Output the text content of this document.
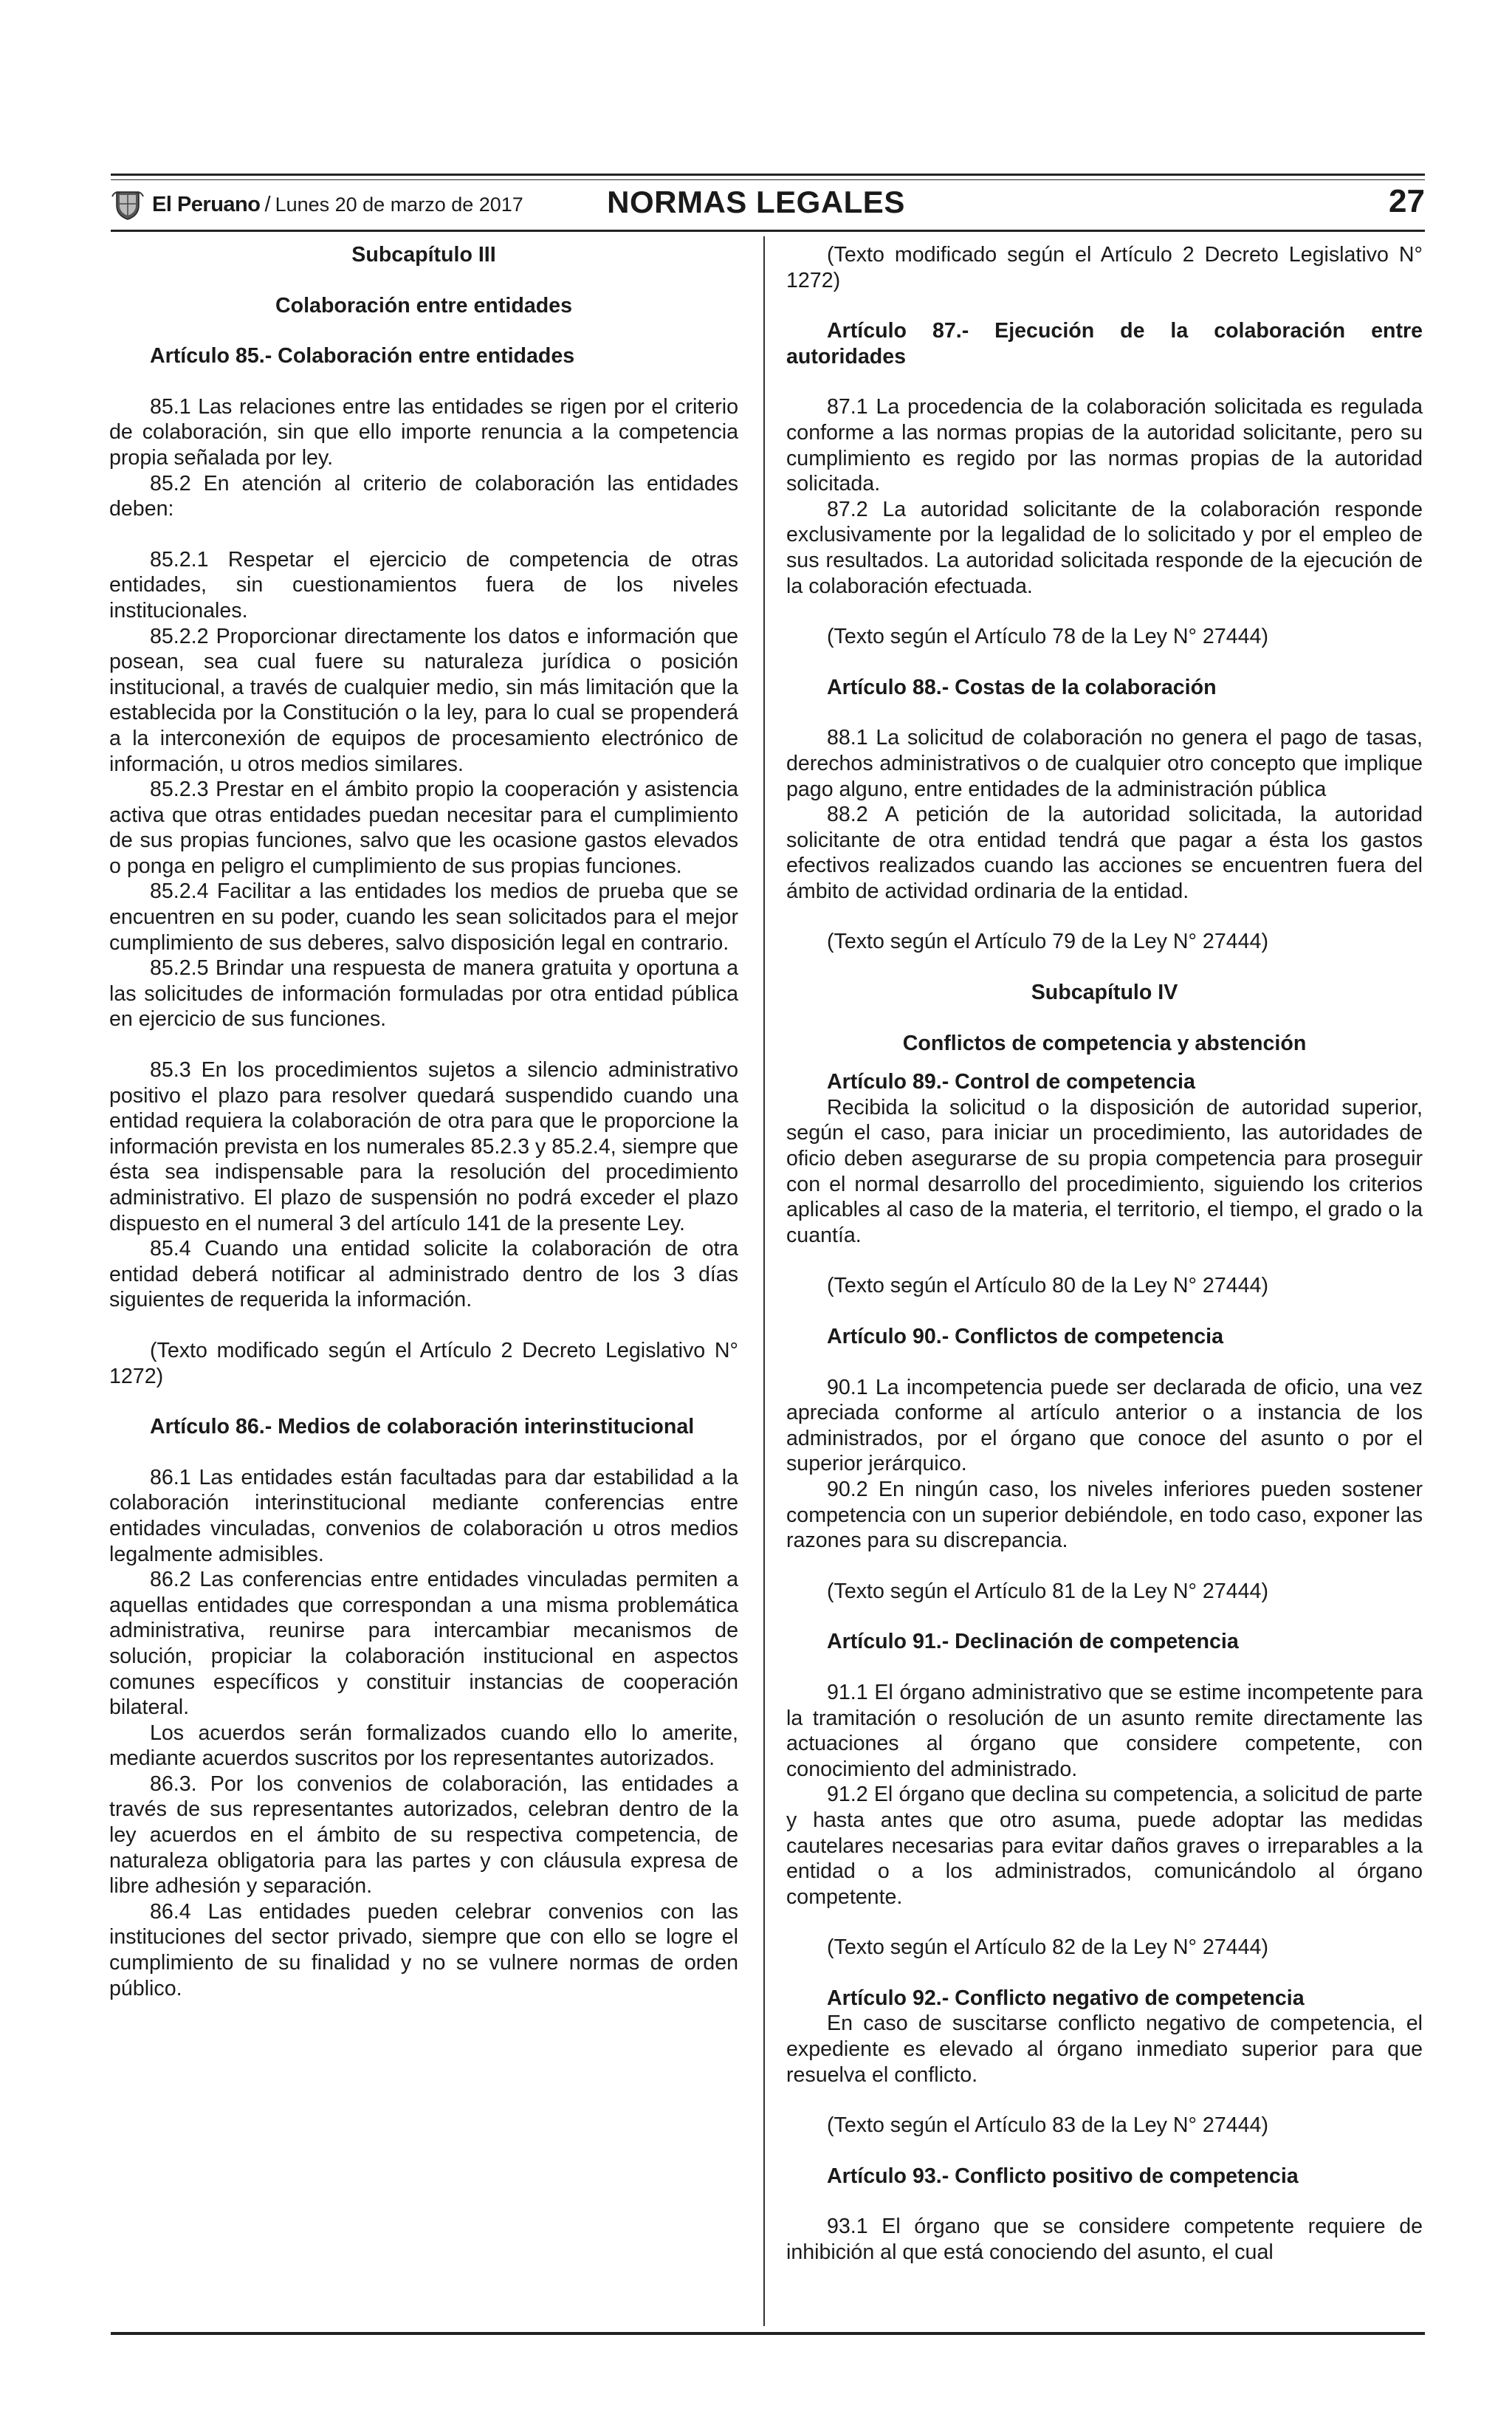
El Peruano / Lunes 20 de marzo de 2017	NORMAS LEGALES	27

Subcapítulo III

Colaboración entre entidades

Artículo 85.- Colaboración entre entidades

85.1 Las relaciones entre las entidades se rigen por el criterio de colaboración, sin que ello importe renuncia a la competencia propia señalada por ley.

85.2 En atención al criterio de colaboración las entidades deben:

85.2.1 Respetar el ejercicio de competencia de otras entidades, sin cuestionamientos fuera de los niveles institucionales.

85.2.2 Proporcionar directamente los datos e información que posean, sea cual fuere su naturaleza jurídica o posición institucional, a través de cualquier medio, sin más limitación que la establecida por la Constitución o la ley, para lo cual se propenderá a la interconexión de equipos de procesamiento electrónico de información, u otros medios similares.

85.2.3 Prestar en el ámbito propio la cooperación y asistencia activa que otras entidades puedan necesitar para el cumplimiento de sus propias funciones, salvo que les ocasione gastos elevados o ponga en peligro el cumplimiento de sus propias funciones.

85.2.4 Facilitar a las entidades los medios de prueba que se encuentren en su poder, cuando les sean solicitados para el mejor cumplimiento de sus deberes, salvo disposición legal en contrario.

85.2.5 Brindar una respuesta de manera gratuita y oportuna a las solicitudes de información formuladas por otra entidad pública en ejercicio de sus funciones.

85.3 En los procedimientos sujetos a silencio administrativo positivo el plazo para resolver quedará suspendido cuando una entidad requiera la colaboración de otra para que le proporcione la información prevista en los numerales 85.2.3 y 85.2.4, siempre que ésta sea indispensable para la resolución del procedimiento administrativo. El plazo de suspensión no podrá exceder el plazo dispuesto en el numeral 3 del artículo 141 de la presente Ley.

85.4 Cuando una entidad solicite la colaboración de otra entidad deberá notificar al administrado dentro de los 3 días siguientes de requerida la información.

(Texto modificado según el Artículo 2 Decreto Legislativo N° 1272)

Artículo 86.- Medios de colaboración interinstitucional

86.1 Las entidades están facultadas para dar estabilidad a la colaboración interinstitucional mediante conferencias entre entidades vinculadas, convenios de colaboración u otros medios legalmente admisibles.

86.2 Las conferencias entre entidades vinculadas permiten a aquellas entidades que correspondan a una misma problemática administrativa, reunirse para intercambiar mecanismos de solución, propiciar la colaboración institucional en aspectos comunes específicos y constituir instancias de cooperación bilateral.

Los acuerdos serán formalizados cuando ello lo amerite, mediante acuerdos suscritos por los representantes autorizados.

86.3. Por los convenios de colaboración, las entidades a través de sus representantes autorizados, celebran dentro de la ley acuerdos en el ámbito de su respectiva competencia, de naturaleza obligatoria para las partes y con cláusula expresa de libre adhesión y separación.

86.4 Las entidades pueden celebrar convenios con las instituciones del sector privado, siempre que con ello se logre el cumplimiento de su finalidad y no se vulnere normas de orden público.

(Texto modificado según el Artículo 2 Decreto Legislativo N° 1272)

Artículo 87.- Ejecución de la colaboración entre autoridades

87.1 La procedencia de la colaboración solicitada es regulada conforme a las normas propias de la autoridad solicitante, pero su cumplimiento es regido por las normas propias de la autoridad solicitada.

87.2 La autoridad solicitante de la colaboración responde exclusivamente por la legalidad de lo solicitado y por el empleo de sus resultados. La autoridad solicitada responde de la ejecución de la colaboración efectuada.

(Texto según el Artículo 78 de la Ley N° 27444)

Artículo 88.- Costas de la colaboración

88.1 La solicitud de colaboración no genera el pago de tasas, derechos administrativos o de cualquier otro concepto que implique pago alguno, entre entidades de la administración pública

88.2 A petición de la autoridad solicitada, la autoridad solicitante de otra entidad tendrá que pagar a ésta los gastos efectivos realizados cuando las acciones se encuentren fuera del ámbito de actividad ordinaria de la entidad.

(Texto según el Artículo 79 de la Ley N° 27444)

Subcapítulo IV

Conflictos de competencia y abstención

Artículo 89.- Control de competencia

Recibida la solicitud o la disposición de autoridad superior, según el caso, para iniciar un procedimiento, las autoridades de oficio deben asegurarse de su propia competencia para proseguir con el normal desarrollo del procedimiento, siguiendo los criterios aplicables al caso de la materia, el territorio, el tiempo, el grado o la cuantía.

(Texto según el Artículo 80 de la Ley N° 27444)

Artículo 90.- Conflictos de competencia

90.1 La incompetencia puede ser declarada de oficio, una vez apreciada conforme al artículo anterior o a instancia de los administrados, por el órgano que conoce del asunto o por el superior jerárquico.

90.2 En ningún caso, los niveles inferiores pueden sostener competencia con un superior debiéndole, en todo caso, exponer las razones para su discrepancia.

(Texto según el Artículo 81 de la Ley N° 27444)

Artículo 91.- Declinación de competencia

91.1 El órgano administrativo que se estime incompetente para la tramitación o resolución de un asunto remite directamente las actuaciones al órgano que considere competente, con conocimiento del administrado.

91.2 El órgano que declina su competencia, a solicitud de parte y hasta antes que otro asuma, puede adoptar las medidas cautelares necesarias para evitar daños graves o irreparables a la entidad o a los administrados, comunicándolo al órgano competente.

(Texto según el Artículo 82 de la Ley N° 27444)

Artículo 92.- Conflicto negativo de competencia

En caso de suscitarse conflicto negativo de competencia, el expediente es elevado al órgano inmediato superior para que resuelva el conflicto.

(Texto según el Artículo 83 de la Ley N° 27444)

Artículo 93.- Conflicto positivo de competencia

93.1 El órgano que se considere competente requiere de inhibición al que está conociendo del asunto, el cual
